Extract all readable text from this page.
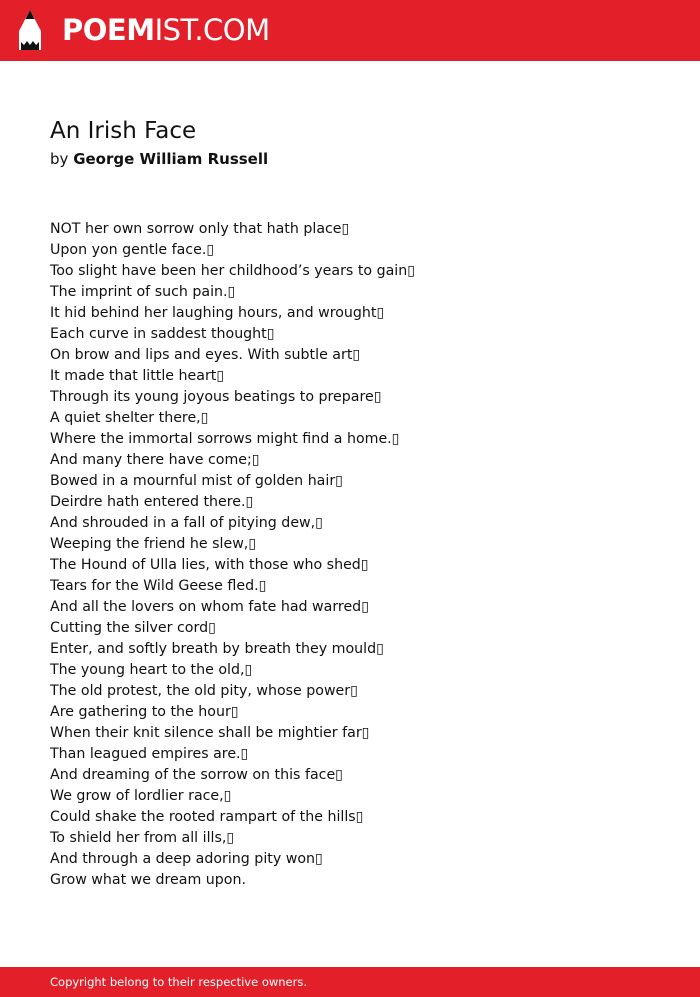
POEMIST.COM
An Irish Face
by George William Russell
NOT her own sorrow only that hath place▯
Upon yon gentle face.▯
Too slight have been her childhood’s years to gain▯
The imprint of such pain.▯
It hid behind her laughing hours, and wrought▯
Each curve in saddest thought▯
On brow and lips and eyes. With subtle art▯
It made that little heart▯
Through its young joyous beatings to prepare▯
A quiet shelter there,▯
Where the immortal sorrows might find a home.▯
And many there have come;▯
Bowed in a mournful mist of golden hair▯
Deirdre hath entered there.▯
And shrouded in a fall of pitying dew,▯
Weeping the friend he slew,▯
The Hound of Ulla lies, with those who shed▯
Tears for the Wild Geese fled.▯
And all the lovers on whom fate had warred▯
Cutting the silver cord▯
Enter, and softly breath by breath they mould▯
The young heart to the old,▯
The old protest, the old pity, whose power▯
Are gathering to the hour▯
When their knit silence shall be mightier far▯
Than leagued empires are.▯
And dreaming of the sorrow on this face▯
We grow of lordlier race,▯
Could shake the rooted rampart of the hills▯
To shield her from all ills,▯
And through a deep adoring pity won▯
Grow what we dream upon.
Copyright belong to their respective owners.
